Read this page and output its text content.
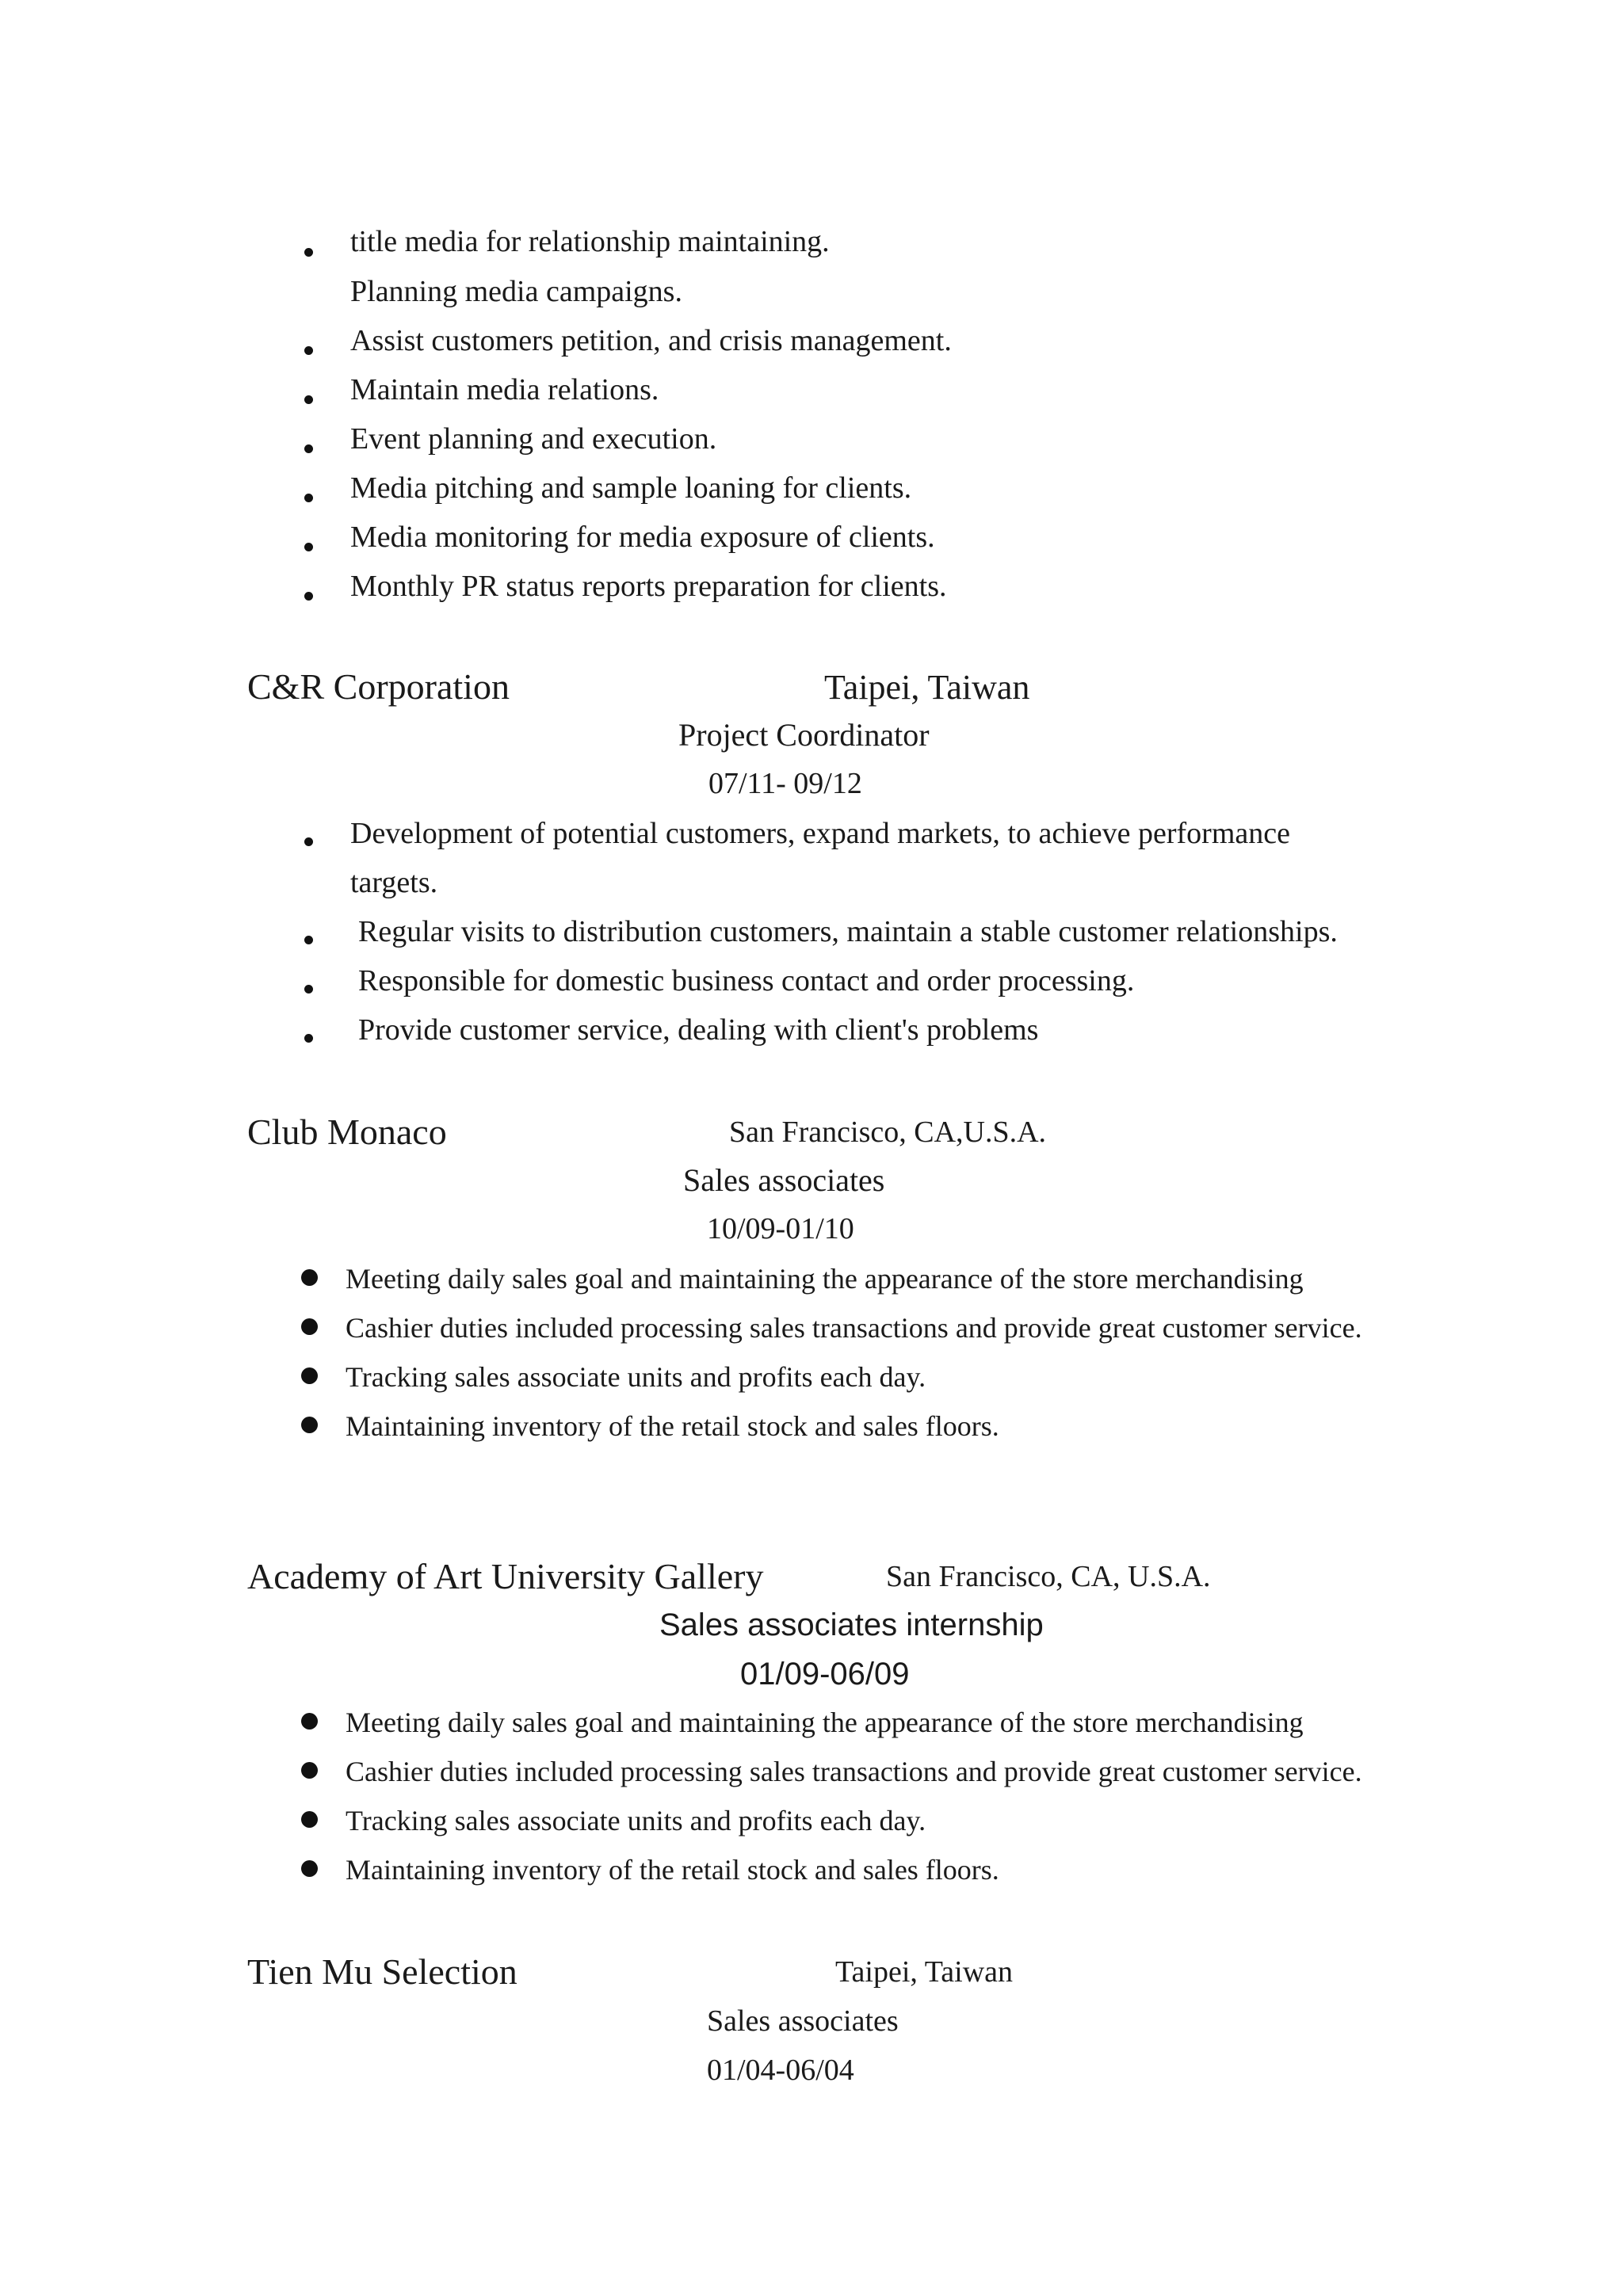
title media for relationship maintaining.
Planning media campaigns.
Assist customers petition, and crisis management.
Maintain media relations.
Event planning and execution.
Media pitching and sample loaning for clients.
Media monitoring for media exposure of clients.
Monthly PR status reports preparation for clients.
C&R Corporation	Taipei, Taiwan
Project Coordinator
07/11- 09/12
Development of potential customers, expand markets, to achieve performance
targets.
Regular visits to distribution customers, maintain a stable customer relationships.
Responsible for domestic business contact and order processing.
Provide customer service, dealing with client's problems
Club Monaco	San Francisco, CA,U.S.A.
Sales associates
10/09-01/10
Meeting daily sales goal and maintaining the appearance of the store merchandising
Cashier duties included processing sales transactions and provide great customer service.
Tracking sales associate units and profits each day.
Maintaining inventory of the retail stock and sales floors.
Academy of Art University Gallery	San Francisco, CA, U.S.A.
Sales associates internship
01/09-06/09
Meeting daily sales goal and maintaining the appearance of the store merchandising
Cashier duties included processing sales transactions and provide great customer service.
Tracking sales associate units and profits each day.
Maintaining inventory of the retail stock and sales floors.
Tien Mu Selection	Taipei, Taiwan
Sales associates
01/04-06/04
